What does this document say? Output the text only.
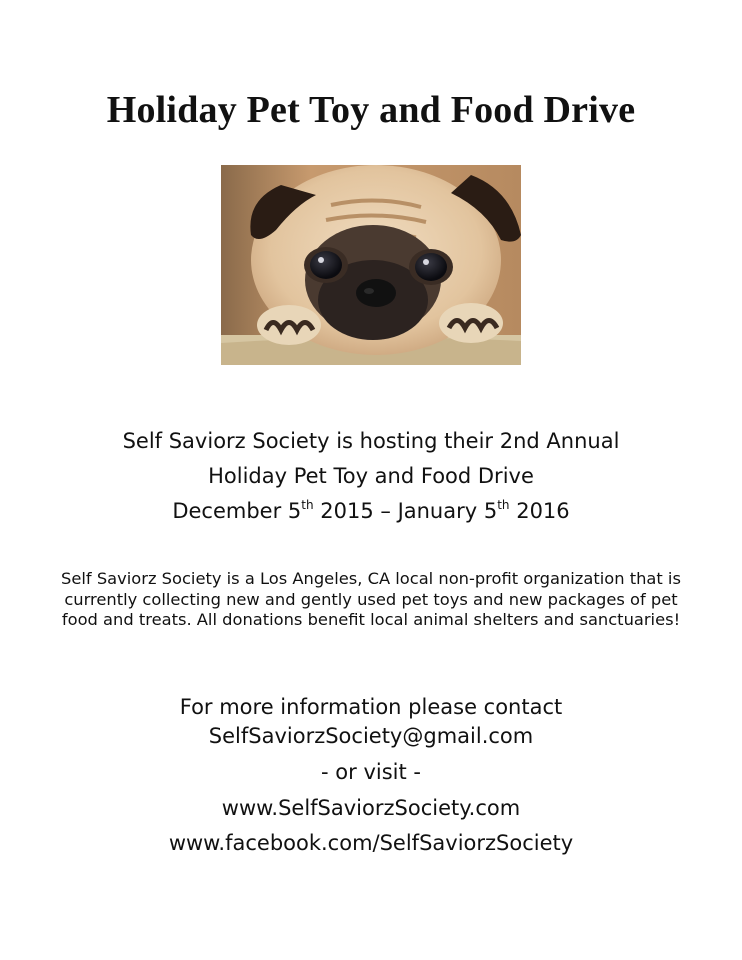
Holiday Pet Toy and Food Drive

Self Saviorz Society is hosting their 2nd Annual

Holiday Pet Toy and Food Drive

December 5th 2015 – January 5th 2016

Self Saviorz Society is a Los Angeles, CA local non-profit organization that is currently collecting new and gently used pet toys and new packages of pet food and treats. All donations benefit local animal shelters and sanctuaries!

For more information please contact

SelfSaviorzSociety@gmail.com

- or visit -

www.SelfSaviorzSociety.com

www.facebook.com/SelfSaviorzSociety
